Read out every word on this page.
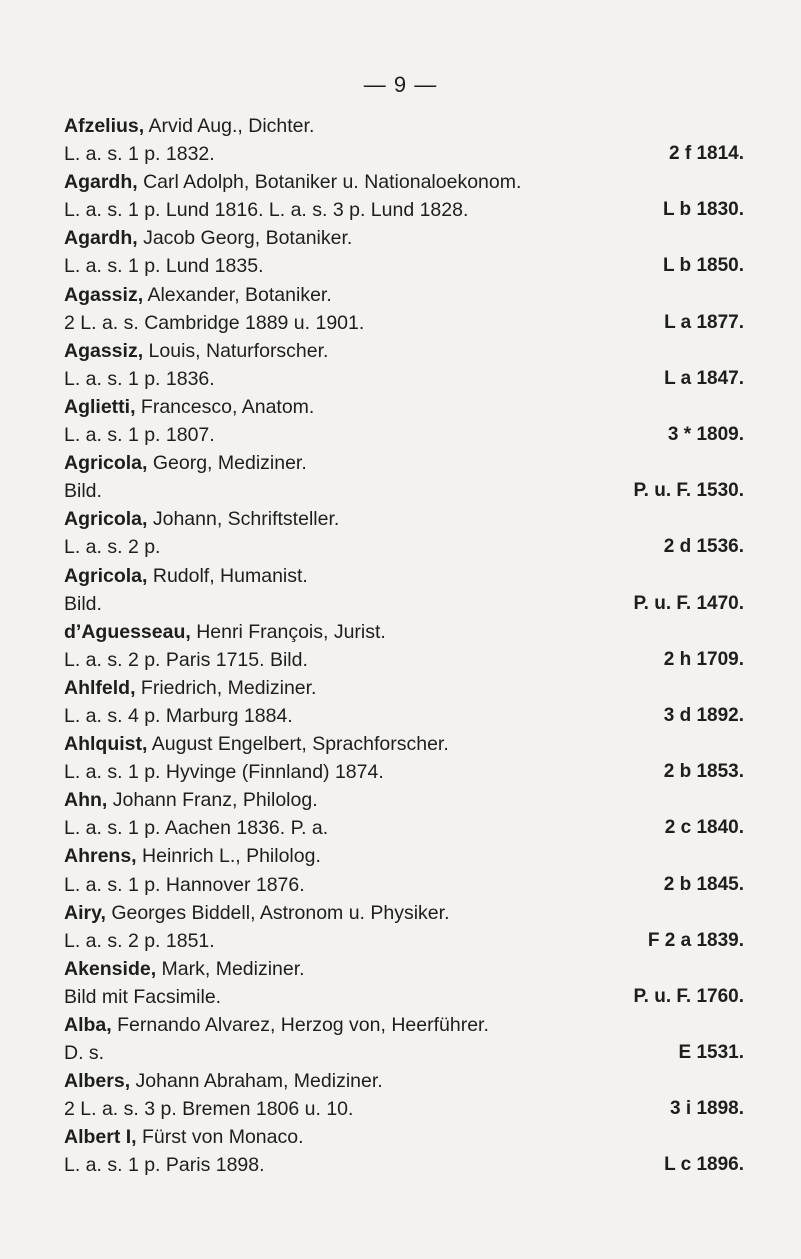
— 9 —
Afzelius, Arvid Aug., Dichter.
L. a. s. 1 p. 1832.	2 f 1814.
Agardh, Carl Adolph, Botaniker u. Nationaloekonom.
L. a. s. 1 p. Lund 1816. L. a. s. 3 p. Lund 1828.	L b 1830.
Agardh, Jacob Georg, Botaniker.
L. a. s. 1 p. Lund 1835.	L b 1850.
Agassiz, Alexander, Botaniker.
2 L. a. s. Cambridge 1889 u. 1901.	L a 1877.
Agassiz, Louis, Naturforscher.
L. a. s. 1 p. 1836.	L a 1847.
Aglietti, Francesco, Anatom.
L. a. s. 1 p. 1807.	3 * 1809.
Agricola, Georg, Mediziner.
Bild.	P. u. F. 1530.
Agricola, Johann, Schriftsteller.
L. a. s. 2 p.	2 d 1536.
Agricola, Rudolf, Humanist.
Bild.	P. u. F. 1470.
d’Aguesseau, Henri François, Jurist.
L. a. s. 2 p. Paris 1715. Bild.	2 h 1709.
Ahlfeld, Friedrich, Mediziner.
L. a. s. 4 p. Marburg 1884.	3 d 1892.
Ahlquist, August Engelbert, Sprachforscher.
L. a. s. 1 p. Hyvinge (Finnland) 1874.	2 b 1853.
Ahn, Johann Franz, Philolog.
L. a. s. 1 p. Aachen 1836. P. a.	2 c 1840.
Ahrens, Heinrich L., Philolog.
L. a. s. 1 p. Hannover 1876.	2 b 1845.
Airy, Georges Biddell, Astronom u. Physiker.
L. a. s. 2 p. 1851.	F 2 a 1839.
Akenside, Mark, Mediziner.
Bild mit Facsimile.	P. u. F. 1760.
Alba, Fernando Alvarez, Herzog von, Heerführer.
D. s.	E 1531.
Albers, Johann Abraham, Mediziner.
2 L. a. s. 3 p. Bremen 1806 u. 10.	3 i 1898.
Albert I, Fürst von Monaco.
L. a. s. 1 p. Paris 1898.	L c 1896.
